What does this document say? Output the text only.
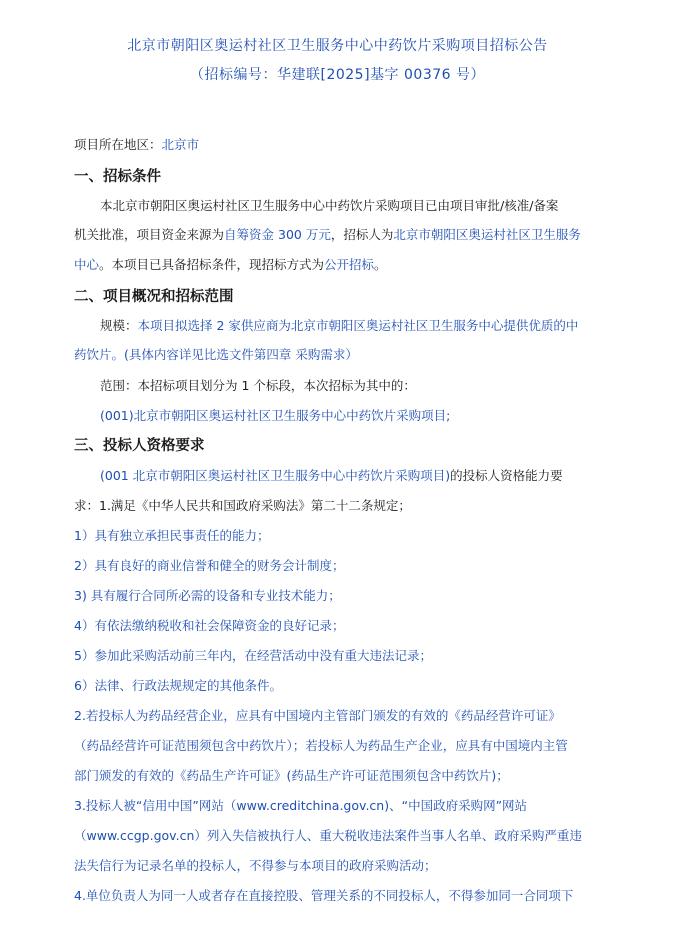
北京市朝阳区奥运村社区卫生服务中心中药饮片采购项目招标公告
（招标编号：华建联[2025]基字 00376 号）
项目所在地区：北京市
一、招标条件
本北京市朝阳区奥运村社区卫生服务中心中药饮片采购项目已由项目审批/核准/备案
机关批准，项目资金来源为自筹资金 300 万元，招标人为北京市朝阳区奥运村社区卫生服务
中心。本项目已具备招标条件，现招标方式为公开招标。
二、项目概况和招标范围
规模：本项目拟选择 2 家供应商为北京市朝阳区奥运村社区卫生服务中心提供优质的中
药饮片。(具体内容详见比选文件第四章 采购需求）
范围：本招标项目划分为 1 个标段，本次招标为其中的：
(001)北京市朝阳区奥运村社区卫生服务中心中药饮片采购项目;
三、投标人资格要求
(001 北京市朝阳区奥运村社区卫生服务中心中药饮片采购项目)的投标人资格能力要
求：1.满足《中华人民共和国政府采购法》第二十二条规定；
1）具有独立承担民事责任的能力；
2）具有良好的商业信誉和健全的财务会计制度；
3) 具有履行合同所必需的设备和专业技术能力；
4）有依法缴纳税收和社会保障资金的良好记录；
5）参加此采购活动前三年内，在经营活动中没有重大违法记录；
6）法律、行政法规规定的其他条件。
2.若投标人为药品经营企业，应具有中国境内主管部门颁发的有效的《药品经营许可证》
（药品经营许可证范围须包含中药饮片）；若投标人为药品生产企业，应具有中国境内主管
部门颁发的有效的《药品生产许可证》(药品生产许可证范围须包含中药饮片)；
3.投标人被“信用中国”网站（www.creditchina.gov.cn)、“中国政府采购网”网站
（www.ccgp.gov.cn）列入失信被执行人、重大税收违法案件当事人名单、政府采购严重违
法失信行为记录名单的投标人，不得参与本项目的政府采购活动；
4.单位负责人为同一人或者存在直接控股、管理关系的不同投标人，不得参加同一合同项下
